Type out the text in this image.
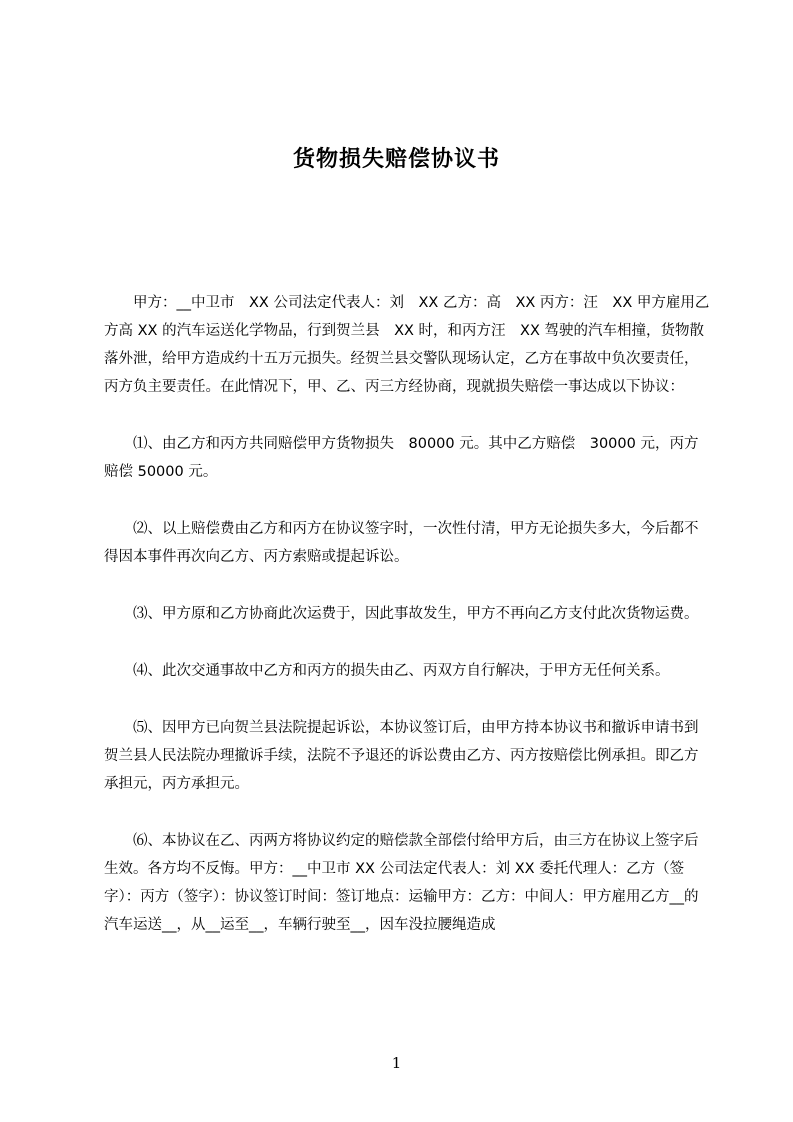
货物损失赔偿协议书

甲方：__中卫市　XX 公司法定代表人：刘　XX 乙方：高　XX 丙方：汪　XX 甲方雇用乙方高 XX 的汽车运送化学物品，行到贺兰县　XX 时，和丙方汪　XX 驾驶的汽车相撞，货物散落外泄，给甲方造成约十五万元损失。经贺兰县交警队现场认定，乙方在事故中负次要责任，丙方负主要责任。在此情况下，甲、乙、丙三方经协商，现就损失赔偿一事达成以下协议：

⑴、由乙方和丙方共同赔偿甲方货物损失　80000 元。其中乙方赔偿　30000 元，丙方赔偿 50000 元。

⑵、以上赔偿费由乙方和丙方在协议签字时，一次性付清，甲方无论损失多大，今后都不得因本事件再次向乙方、丙方索赔或提起诉讼。

⑶、甲方原和乙方协商此次运费于，因此事故发生，甲方不再向乙方支付此次货物运费。

⑷、此次交通事故中乙方和丙方的损失由乙、丙双方自行解决，于甲方无任何关系。

⑸、因甲方已向贺兰县法院提起诉讼，本协议签订后，由甲方持本协议书和撤诉申请书到贺兰县人民法院办理撤诉手续，法院不予退还的诉讼费由乙方、丙方按赔偿比例承担。即乙方承担元，丙方承担元。

⑹、本协议在乙、丙两方将协议约定的赔偿款全部偿付给甲方后，由三方在协议上签字后生效。各方均不反悔。甲方：__中卫市 XX 公司法定代表人：刘 XX 委托代理人：乙方（签字）：丙方（签字）：协议签订时间：签订地点：运输甲方：乙方：中间人：甲方雇用乙方__的汽车运送__，从__运至__，车辆行驶至__，因车没拉腰绳造成

1
